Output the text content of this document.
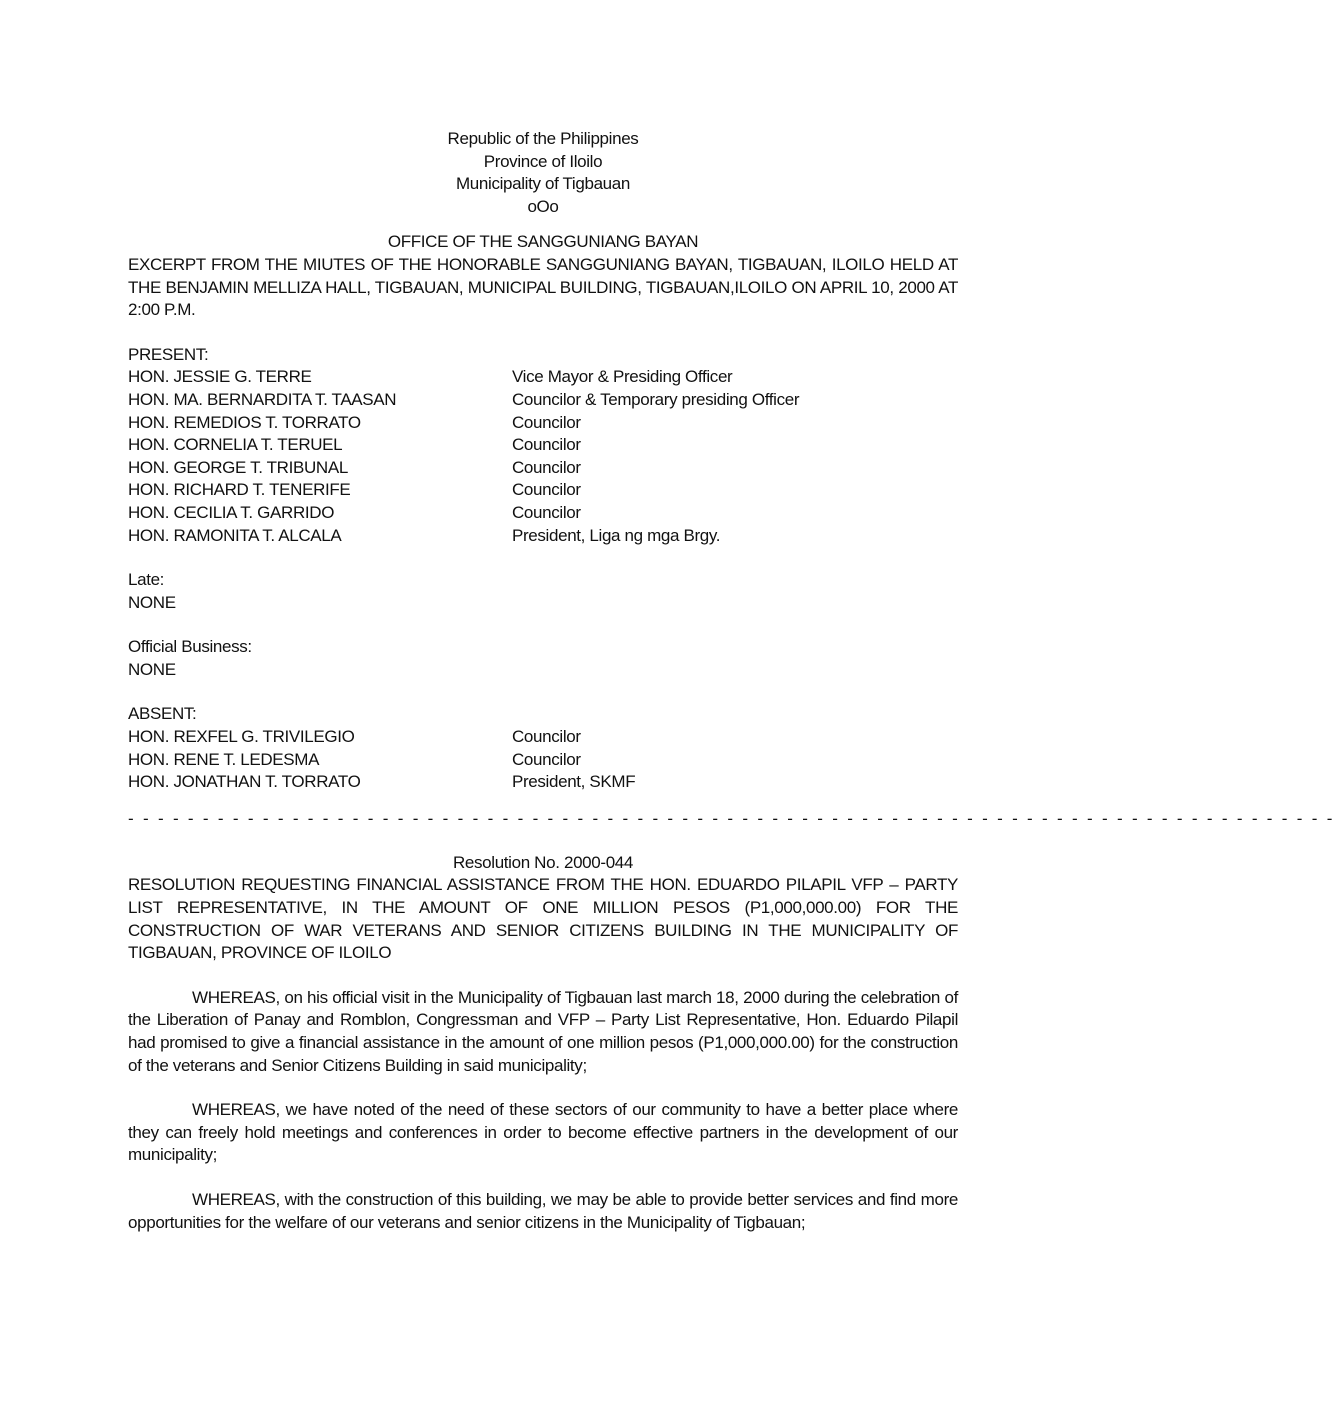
Republic of the Philippines
Province of Iloilo
Municipality of Tigbauan
oOo
OFFICE OF THE SANGGUNIANG BAYAN

EXCERPT FROM THE MIUTES OF THE HONORABLE SANGGUNIANG BAYAN, TIGBAUAN, ILOILO HELD AT THE BENJAMIN MELLIZA HALL, TIGBAUAN, MUNICIPAL BUILDING, TIGBAUAN,ILOILO ON APRIL 10, 2000 AT 2:00 P.M.

PRESENT:
HON. JESSIE G. TERRE	Vice Mayor & Presiding Officer
HON. MA. BERNARDITA T. TAASAN	Councilor & Temporary presiding Officer
HON. REMEDIOS T. TORRATO	Councilor
HON. CORNELIA T. TERUEL	Councilor
HON. GEORGE T. TRIBUNAL	Councilor
HON. RICHARD T. TENERIFE	Councilor
HON. CECILIA T. GARRIDO	Councilor
HON. RAMONITA T. ALCALA	President, Liga ng mga Brgy.
Late:
NONE
Official Business:
NONE
ABSENT:
HON. REXFEL G. TRIVILEGIO	Councilor
HON. RENE T. LEDESMA	Councilor
HON. JONATHAN T. TORRATO	President, SKMF
- - - - - - - - - - - - - - - - - - - - - - - - - - - - - - - - - - - - - - - - - - - - - - - - - - - - - - - - - - - - - - - - - - - - - - - - - - - - - - - - -
Resolution No. 2000-044

RESOLUTION REQUESTING FINANCIAL ASSISTANCE FROM THE HON. EDUARDO PILAPIL VFP – PARTY LIST REPRESENTATIVE, IN THE AMOUNT OF ONE MILLION PESOS (P1,000,000.00) FOR THE CONSTRUCTION OF WAR VETERANS AND SENIOR CITIZENS BUILDING IN THE MUNICIPALITY OF TIGBAUAN, PROVINCE OF ILOILO

WHEREAS, on his official visit in the Municipality of Tigbauan last march 18, 2000 during the celebration of the Liberation of Panay and Romblon, Congressman and VFP – Party List Representative, Hon. Eduardo Pilapil had promised to give a financial assistance in the amount of one million pesos (P1,000,000.00) for the construction of the veterans and Senior Citizens Building in said municipality;

WHEREAS, we have noted of the need of these sectors of our community to have a better place where they can freely hold meetings and conferences in order to become effective partners in the development of our municipality;

WHEREAS, with the construction of this building, we may be able to provide better services and find more opportunities for the welfare of our veterans and senior citizens in the Municipality of Tigbauan;
